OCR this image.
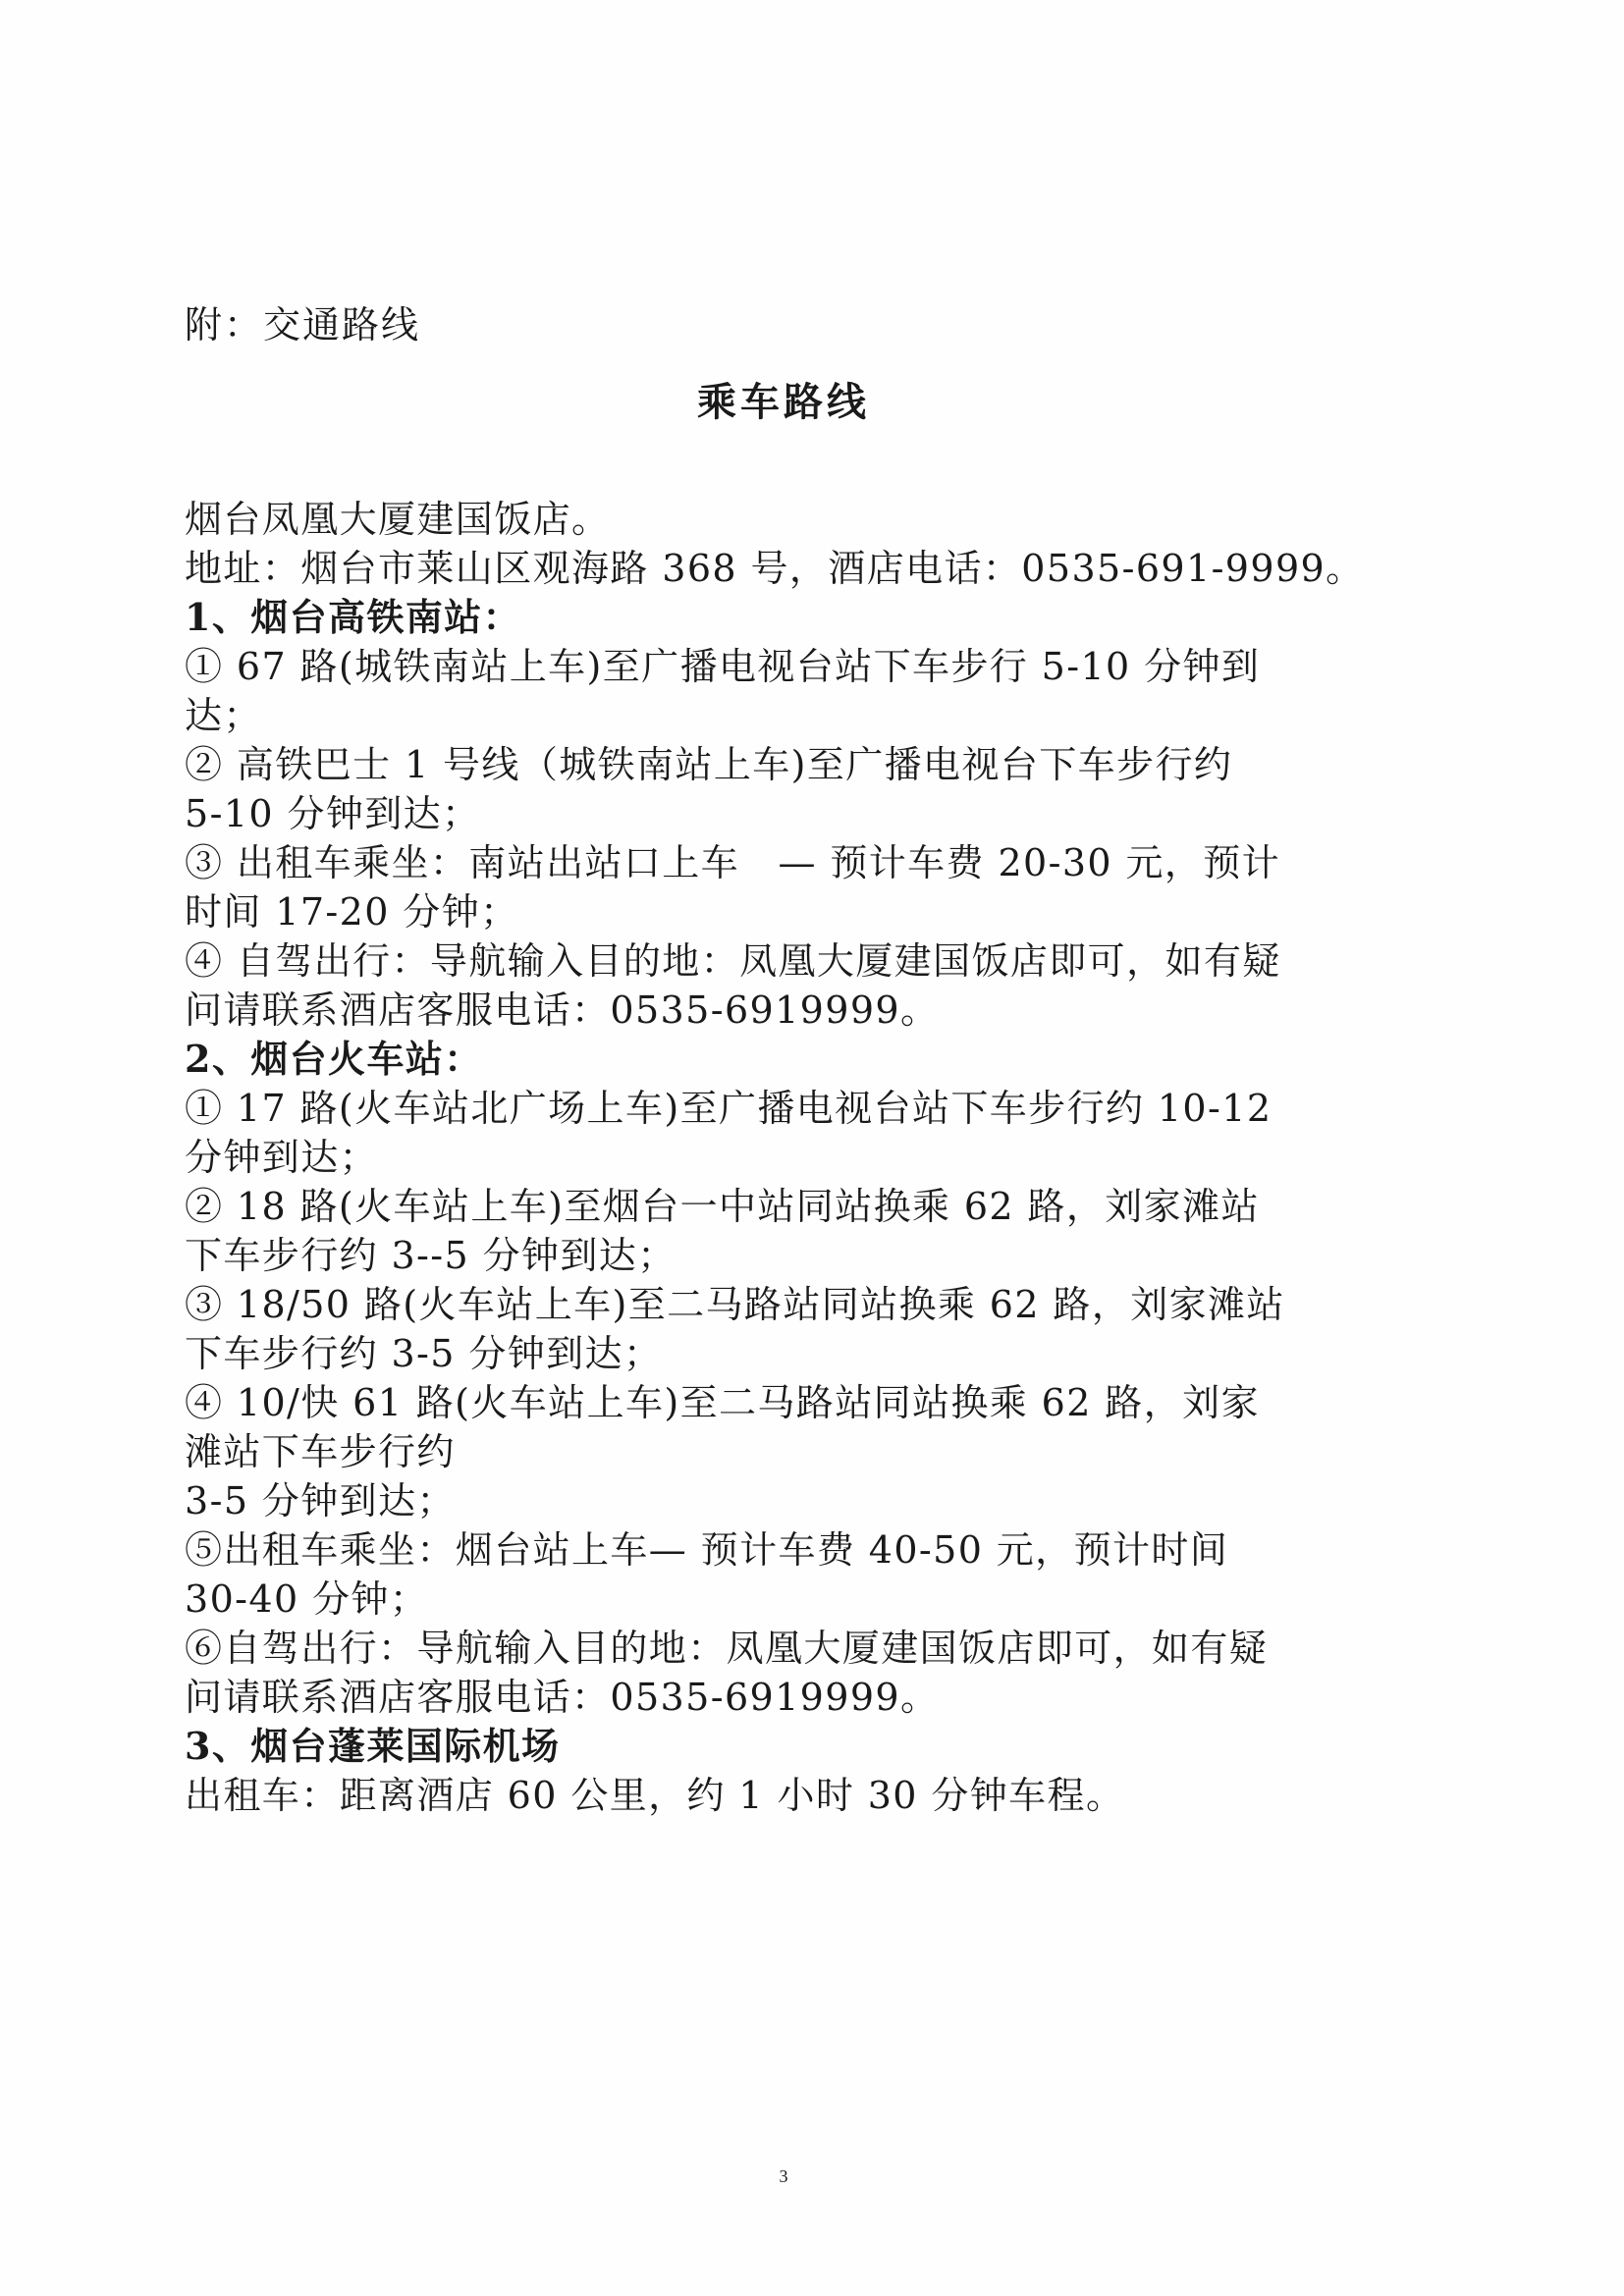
附：交通路线
乘车路线
烟台凤凰大厦建国饭店。
地址：烟台市莱山区观海路 368 号，酒店电话：0535-691-9999。
1、烟台高铁南站：
① 67 路(城铁南站上车)至广播电视台站下车步行 5-10 分钟到
达；
② 高铁巴士 1 号线（城铁南站上车)至广播电视台下车步行约
5-10 分钟到达；
③ 出租车乘坐：南站出站口上车　— 预计车费 20-30 元，预计
时间 17-20 分钟；
④ 自驾出行：导航输入目的地：凤凰大厦建国饭店即可，如有疑
问请联系酒店客服电话：0535-6919999。
2、烟台火车站：
① 17 路(火车站北广场上车)至广播电视台站下车步行约 10-12
分钟到达；
② 18 路(火车站上车)至烟台一中站同站换乘 62 路，刘家滩站
下车步行约 3--5 分钟到达；
③ 18/50 路(火车站上车)至二马路站同站换乘 62 路，刘家滩站
下车步行约 3-5 分钟到达；
④ 10/快 61 路(火车站上车)至二马路站同站换乘 62 路，刘家
滩站下车步行约
3-5 分钟到达；
⑤出租车乘坐：烟台站上车— 预计车费 40-50 元，预计时间
30-40 分钟；
⑥自驾出行：导航输入目的地：凤凰大厦建国饭店即可，如有疑
问请联系酒店客服电话：0535-6919999。
3、烟台蓬莱国际机场
出租车：距离酒店 60 公里，约 1 小时 30 分钟车程。
3
